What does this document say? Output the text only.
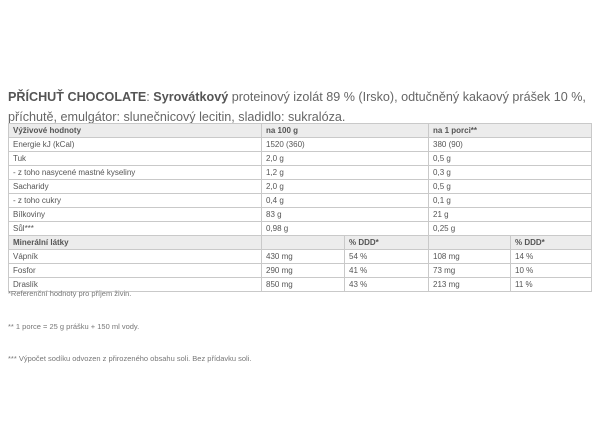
PŘÍCHUŤ CHOCOLATE: Syrovátkový proteinový izolát 89 % (Irsko), odtučněný kakaový prášek 10 %, příchutě, emulgátor: slunečnicový lecitin, sladidlo: sukralóza.

Výživové hodnoty	na 100 g		na 1 porci**	
Energie kJ (kCal)	1520 (360)		380 (90)	
Tuk	2,0 g		0,5 g	
- z toho nasycené mastné kyseliny	1,2 g		0,3 g	
Sacharidy	2,0 g		0,5 g	
- z toho cukry	0,4 g		0,1 g	
Bílkoviny	83 g		21 g	
Sůl***	0,98 g		0,25 g	
Minerální látky		% DDD*		% DDD*
Vápník	430 mg	54 %	108 mg	14 %
Fosfor	290 mg	41 %	73 mg	10 %
Draslík	850 mg	43 %	213 mg	11 %

*Referenční hodnoty pro příjem živin.

** 1 porce = 25 g prášku + 150 ml vody.

*** Výpočet sodíku odvozen z přirozeného obsahu soli. Bez přídavku soli.
